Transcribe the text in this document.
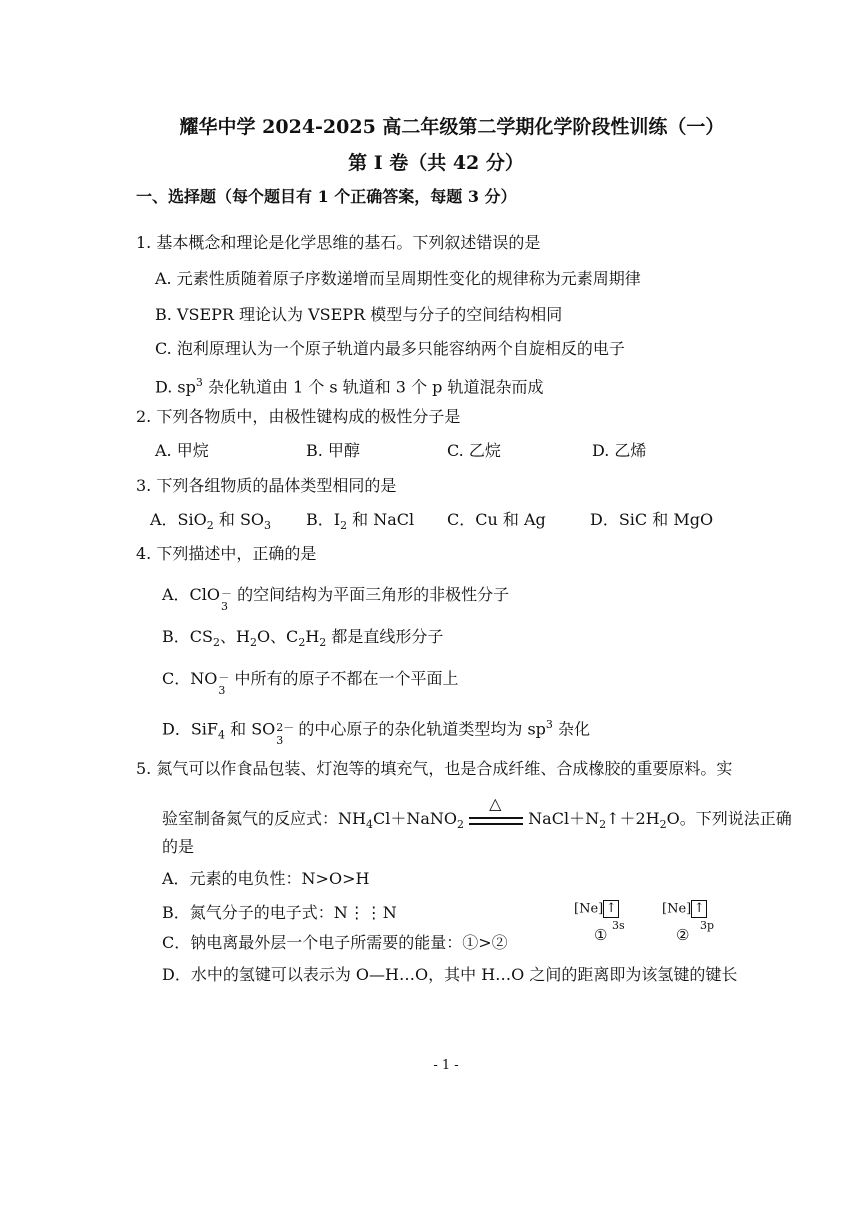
耀华中学 2024-2025 高二年级第二学期化学阶段性训练（一）
第 I 卷（共 42 分）
一、选择题（每个题目有 1 个正确答案，每题 3 分）
1. 基本概念和理论是化学思维的基石。下列叙述错误的是
A. 元素性质随着原子序数递增而呈周期性变化的规律称为元素周期律
B. VSEPR 理论认为 VSEPR 模型与分子的空间结构相同
C. 泡利原理认为一个原子轨道内最多只能容纳两个自旋相反的电子
D. $sp^3$ 杂化轨道由 1 个 s 轨道和 3 个 p 轨道混杂而成
2. 下列各物质中，由极性键构成的极性分子是
A. 甲烷	B. 甲醇	C. 乙烷	D. 乙烯
3. 下列各组物质的晶体类型相同的是
A．SiO$_2$ 和 $SO_3$ B．$I_2$ 和 NaCl C．Cu 和 Ag	D．SiC 和 MgO
4. 下列描述中，正确的是
A．ClO －
3
的空间结构为平面三角形的非极性分子
B．$CS_2$、$H_2O$、$C_2H_2$ 都是直线形分子
C．NO －
3
中所有的原子不都在一个平面上
D．SiF$_4$ 和 SO 2－
3
的中心原子的杂化轨道类型均为 $sp^3$ 杂化
5. 氮气可以作食品包装、灯泡等的填充气，也是合成纤维、合成橡胶的重要原料。实
验室制备氮气的反应式：$NH_4Cl+NaNO_2$
△
$NaCl+N_2↑+2H_2O$。下列说法正确
的是
A．元素的电负性：N>O>H
B．氮气分子的电子式：N⋮⋮N
C．钠电离最外层一个电子所需要的能量：①>②
D．水中的氢键可以表示为 O—H…O，其中 H…O 之间的距离即为该氢键的键长
[Ne] ↑
3s
①
[Ne] ↑
3p
②
- 1 -
